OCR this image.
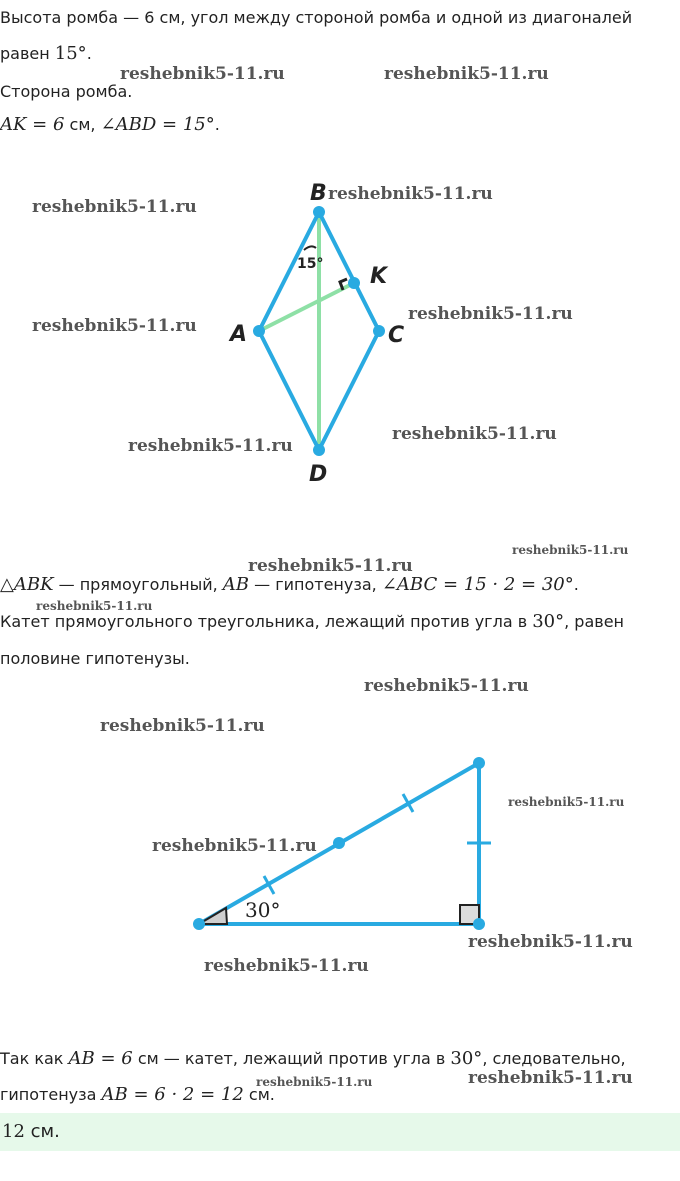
Высота ромба — 6 см, угол между стороной ромба и одной из диагоналей
равен 15°.
Сторона ромба.
AK = 6 см, ∠ABD = 15°.
B
K
A	C
D
15°
30°
△ABK — прямоугольный, AB — гипотенуза, ∠ABC = 15 · 2 = 30°.
Катет прямоугольного треугольника, лежащий против угла в 30°, равен
половине гипотенузы.
Так как AB = 6 см — катет, лежащий против угла в 30°, следовательно,
гипотенуза AB = 6 · 2 = 12 см.
12 см.
reshebnik5-11.ru	reshebnik5-11.ru
reshebnik5-11.ru
reshebnik5-11.ru
reshebnik5-11.ru
reshebnik5-11.ru
reshebnik5-11.ru
reshebnik5-11.ru
reshebnik5-11.ru
reshebnik5-11.ru
reshebnik5-11.ru
reshebnik5-11.ru
reshebnik5-11.ru
reshebnik5-11.ru
reshebnik5-11.ru
reshebnik5-11.ru
reshebnik5-11.ru
reshebnik5-11.ru	reshebnik5-11.ru
